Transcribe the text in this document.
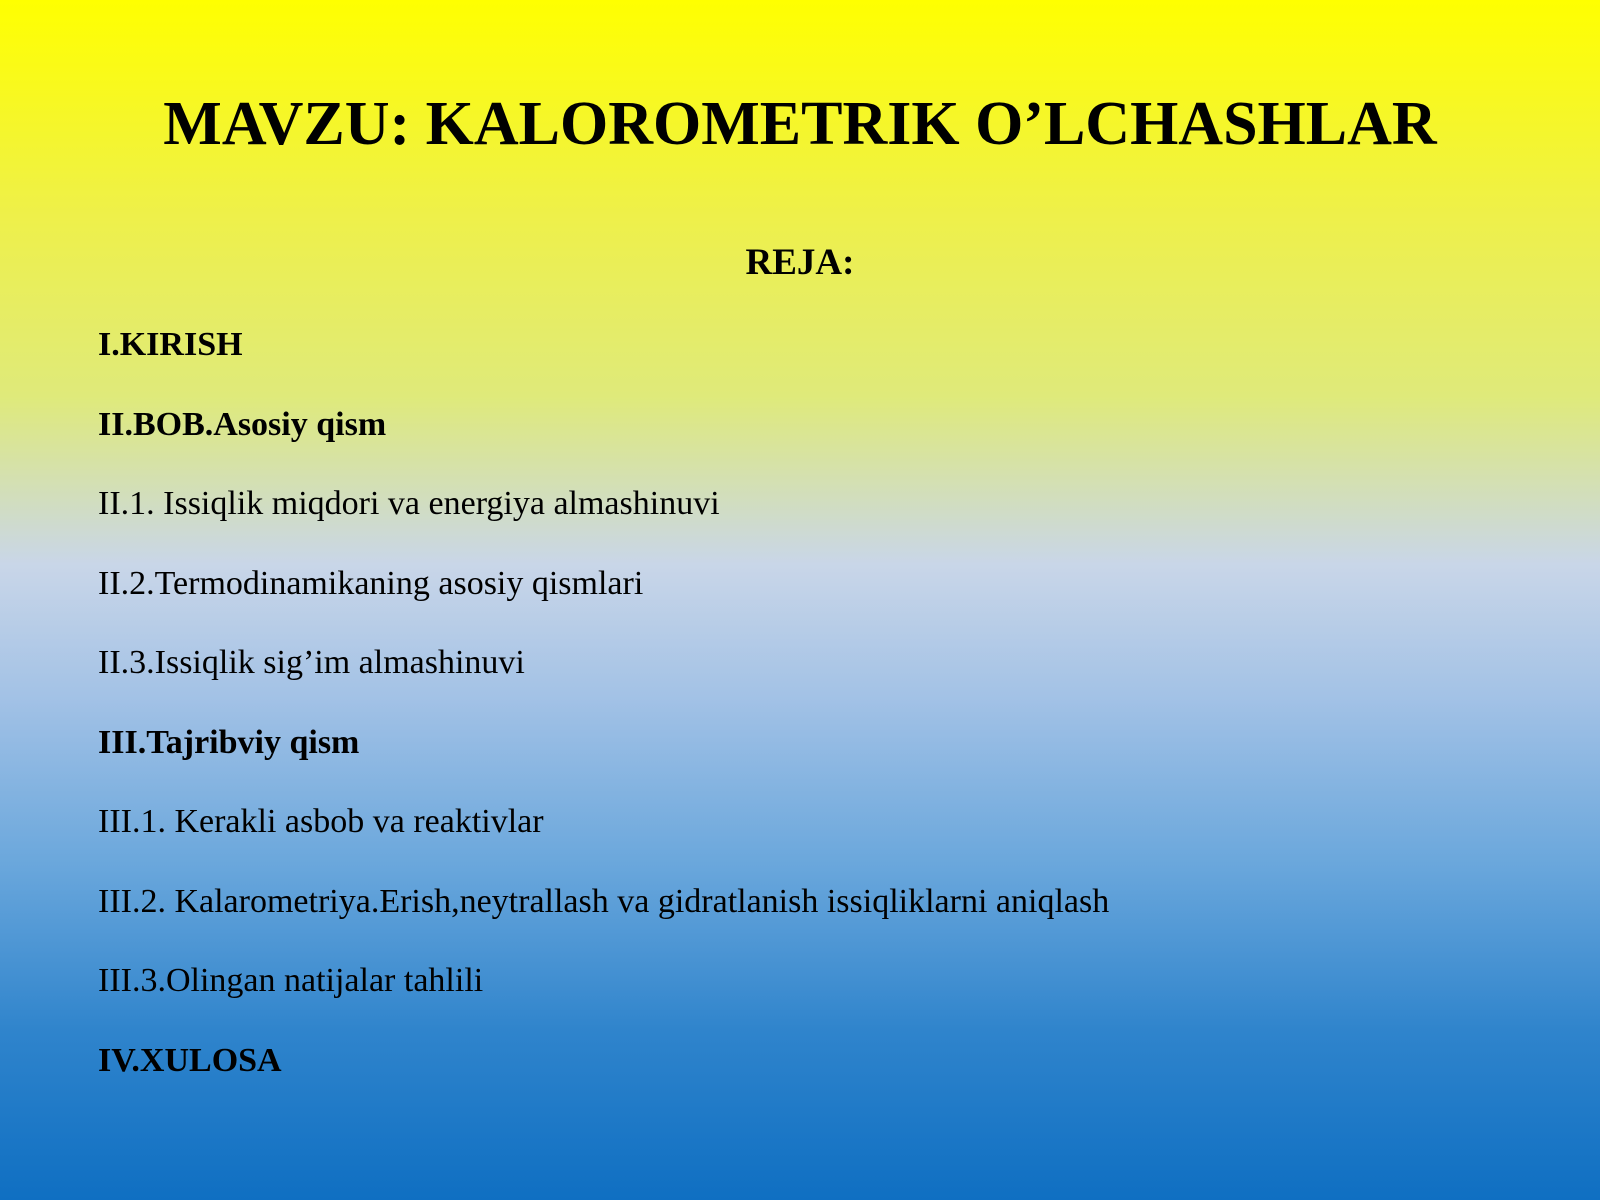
MAVZU: KALOROMETRIK O’LCHASHLAR
REJA:
I.KIRISH
II.BOB.Asosiy qism
II.1. Issiqlik miqdori va energiya almashinuvi
II.2.Termodinamikaning asosiy qismlari
II.3.Issiqlik sig’im almashinuvi
III.Tajribviy qism
III.1. Kerakli asbob va reaktivlar
III.2. Kalarometriya.Erish,neytrallash va gidratlanish issiqliklarni aniqlash
III.3.Olingan natijalar tahlili
IV.XULOSA
